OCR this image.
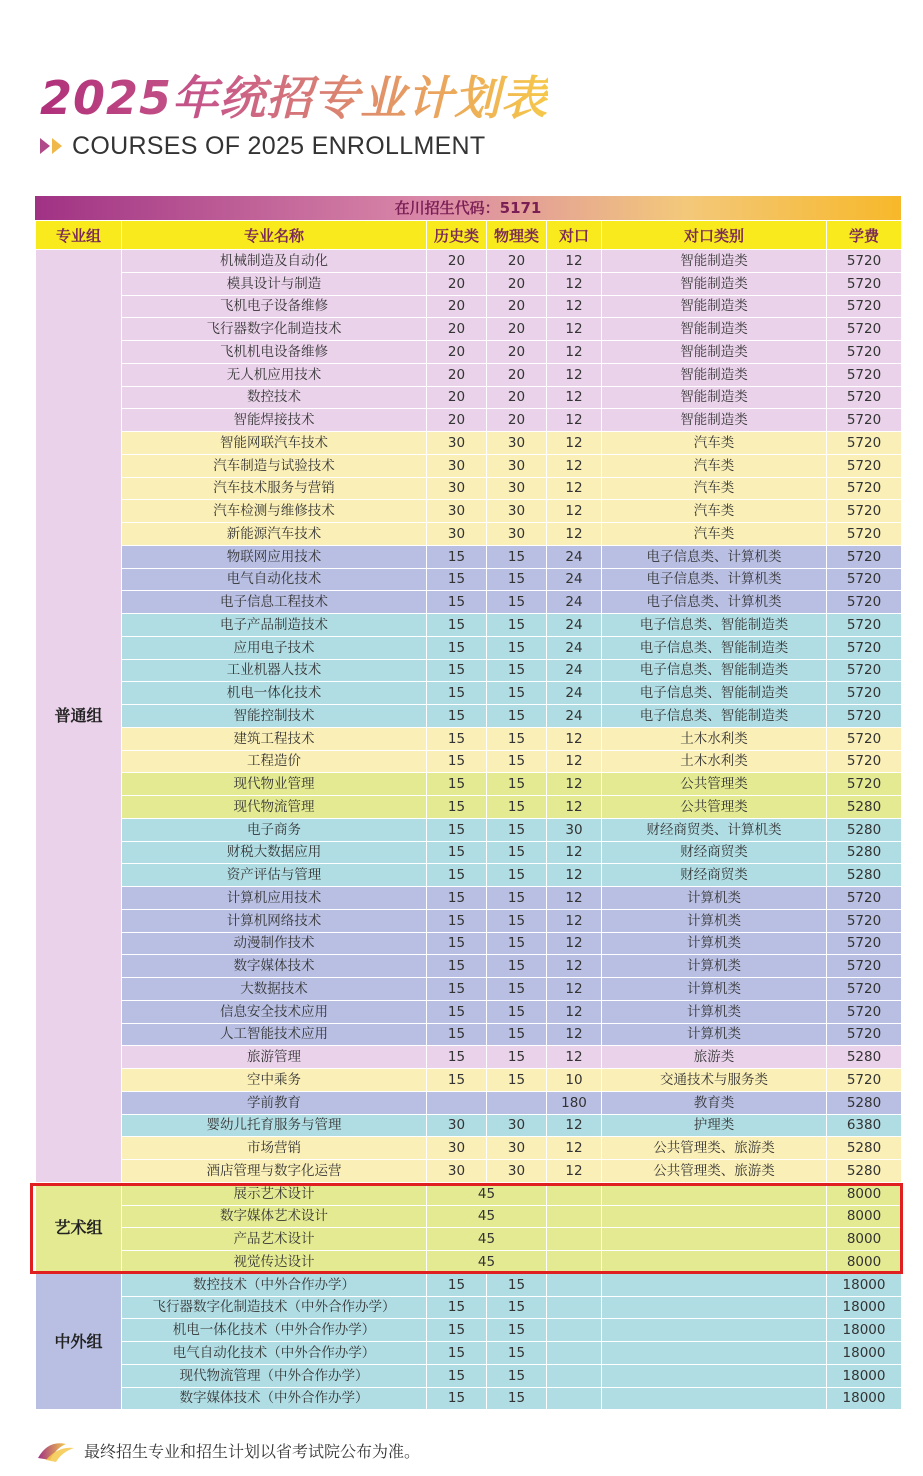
2025年统招专业计划表
COURSES OF 2025 ENROLLMENT
在川招生代码：5171
专业组	专业名称	历史类	物理类	对口	对口类别	学费
普通组	机械制造及自动化	20	20	12	智能制造类	5720
	模具设计与制造	20	20	12	智能制造类	5720
	飞机电子设备维修	20	20	12	智能制造类	5720
	飞行器数字化制造技术	20	20	12	智能制造类	5720
	飞机机电设备维修	20	20	12	智能制造类	5720
	无人机应用技术	20	20	12	智能制造类	5720
	数控技术	20	20	12	智能制造类	5720
	智能焊接技术	20	20	12	智能制造类	5720
	智能网联汽车技术	30	30	12	汽车类	5720
	汽车制造与试验技术	30	30	12	汽车类	5720
	汽车技术服务与营销	30	30	12	汽车类	5720
	汽车检测与维修技术	30	30	12	汽车类	5720
	新能源汽车技术	30	30	12	汽车类	5720
	物联网应用技术	15	15	24	电子信息类、计算机类	5720
	电气自动化技术	15	15	24	电子信息类、计算机类	5720
	电子信息工程技术	15	15	24	电子信息类、计算机类	5720
	电子产品制造技术	15	15	24	电子信息类、智能制造类	5720
	应用电子技术	15	15	24	电子信息类、智能制造类	5720
	工业机器人技术	15	15	24	电子信息类、智能制造类	5720
	机电一体化技术	15	15	24	电子信息类、智能制造类	5720
	智能控制技术	15	15	24	电子信息类、智能制造类	5720
	建筑工程技术	15	15	12	土木水利类	5720
	工程造价	15	15	12	土木水利类	5720
	现代物业管理	15	15	12	公共管理类	5720
	现代物流管理	15	15	12	公共管理类	5280
	电子商务	15	15	30	财经商贸类、计算机类	5280
	财税大数据应用	15	15	12	财经商贸类	5280
	资产评估与管理	15	15	12	财经商贸类	5280
	计算机应用技术	15	15	12	计算机类	5720
	计算机网络技术	15	15	12	计算机类	5720
	动漫制作技术	15	15	12	计算机类	5720
	数字媒体技术	15	15	12	计算机类	5720
	大数据技术	15	15	12	计算机类	5720
	信息安全技术应用	15	15	12	计算机类	5720
	人工智能技术应用	15	15	12	计算机类	5720
	旅游管理	15	15	12	旅游类	5280
	空中乘务	15	15	10	交通技术与服务类	5720
	学前教育			180	教育类	5280
	婴幼儿托育服务与管理	30	30	12	护理类	6380
	市场营销	30	30	12	公共管理类、旅游类	5280
	酒店管理与数字化运营	30	30	12	公共管理类、旅游类	5280
艺术组	展示艺术设计	45				8000
	数字媒体艺术设计	45				8000
	产品艺术设计	45				8000
	视觉传达设计	45				8000
中外组	数控技术（中外合作办学）	15	15			18000
	飞行器数字化制造技术（中外合作办学）	15	15			18000
	机电一体化技术（中外合作办学）	15	15			18000
	电气自动化技术（中外合作办学）	15	15			18000
	现代物流管理（中外合作办学）	15	15			18000
	数字媒体技术（中外合作办学）	15	15			18000
最终招生专业和招生计划以省考试院公布为准。
